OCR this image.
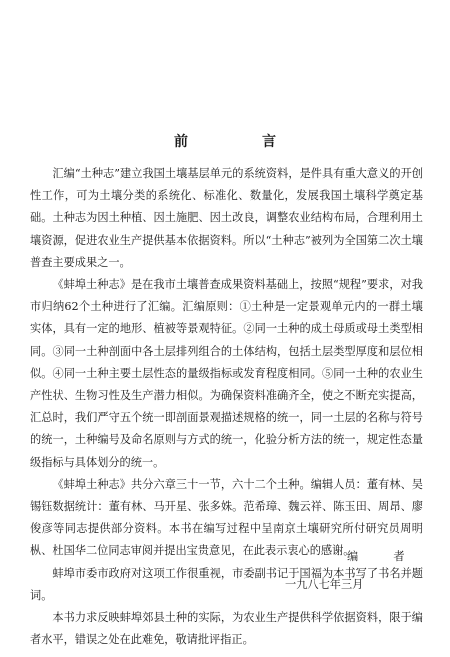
前　言

汇编“土种志”建立我国土壤基层单元的系统资料，是件具有重大意义的开创性工作，可为土壤分类的系统化、标准化、数量化，发展我国土壤科学奠定基础。土种志为因土种植、因土施肥、因土改良，调整农业结构布局，合理利用土壤资源，促进农业生产提供基本依据资料。所以“土种志”被列为全国第二次土壤普查主要成果之一。

《蚌埠土种志》是在我市土壤普查成果资料基础上，按照“规程”要求，对我市归纳62个土种进行了汇编。汇编原则：①土种是一定景观单元内的一群土壤实体，具有一定的地形、植被等景观特征。②同一土种的成土母质或母土类型相同。③同一土种剖面中各土层排列组合的土体结构，包括土层类型厚度和层位相似。④同一土种主要土层性态的量级指标或发育程度相同。⑤同一土种的农业生产性状、生物习性及生产潜力相似。为确保资料准确齐全，使之不断充实提高，汇总时，我们严守五个统一即剖面景观描述规格的统一，同一土层的名称与符号的统一，土种编号及命名原则与方式的统一，化验分析方法的统一，规定性态量级指标与具体划分的统一。

《蚌埠土种志》共分六章三十一节，六十二个土种。编辑人员：董有林、吴锡钰数据统计：董有林、马开星、张多姝。范希璋、魏云祥、陈玉田、周昂、廖俊彦等同志提供部分资料。本书在编写过程中呈南京土壤研究所付研究员周明枞、杜国华二位同志审阅并提出宝贵意见，在此表示衷心的感谢。

蚌埠市委市政府对这项工作很重视，市委副书记于国福为本书写了书名并题词。

本书力求反映蚌埠郊县土种的实际，为农业生产提供科学依据资料，限于编者水平，错误之处在此难免，敬请批评指正。

编　者

一九八七年三月
